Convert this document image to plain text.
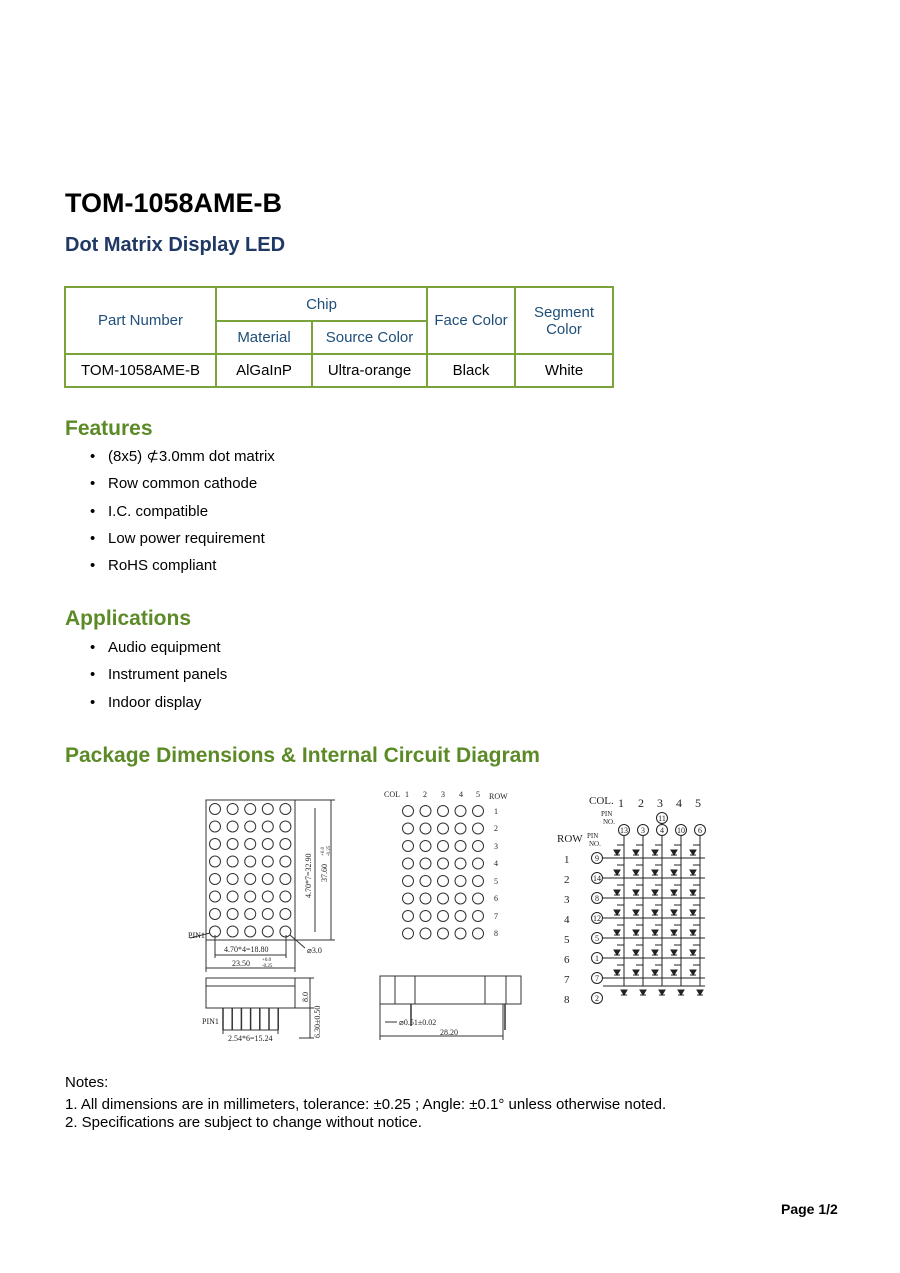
TOM-1058AME-B
Dot Matrix Display LED
Part Number	Chip		Face Color	Segment Color
	Material	Source Color		
TOM-1058AME-B	AlGaInP	Ultra-orange	Black	White
Features
• (8x5) ⊄3.0mm dot matrix
• Row common cathode
• I.C. compatible
• Low power requirement
• RoHS compliant
Applications
• Audio equipment
• Instrument panels
• Indoor display
Package Dimensions & Internal Circuit Diagram
PIN1
4.70*4=18.80
23.50 +0.0
-0.25
⌀3.0
4.70*7=32.90 37.60
+0.0 -0.25
8.0
6.30±0.50
PIN1
2.54*6=15.24
COL	ROW
1 2 3 4 5
1
2
3
4
5
6
7
8
⌀0.51±0.02
28.20
COL.
ROW
1 2 3 4 5
1
2
3
4
5
6
7
8
PIN
NO.
PIN
NO.
11
13 3 4 10 6
9
14
8
12
5
1
7
2
Notes:
1. All dimensions are in millimeters, tolerance: ±0.25 ; Angle: ±0.1° unless otherwise noted.
2. Specifications are subject to change without notice.
Page 1/2
